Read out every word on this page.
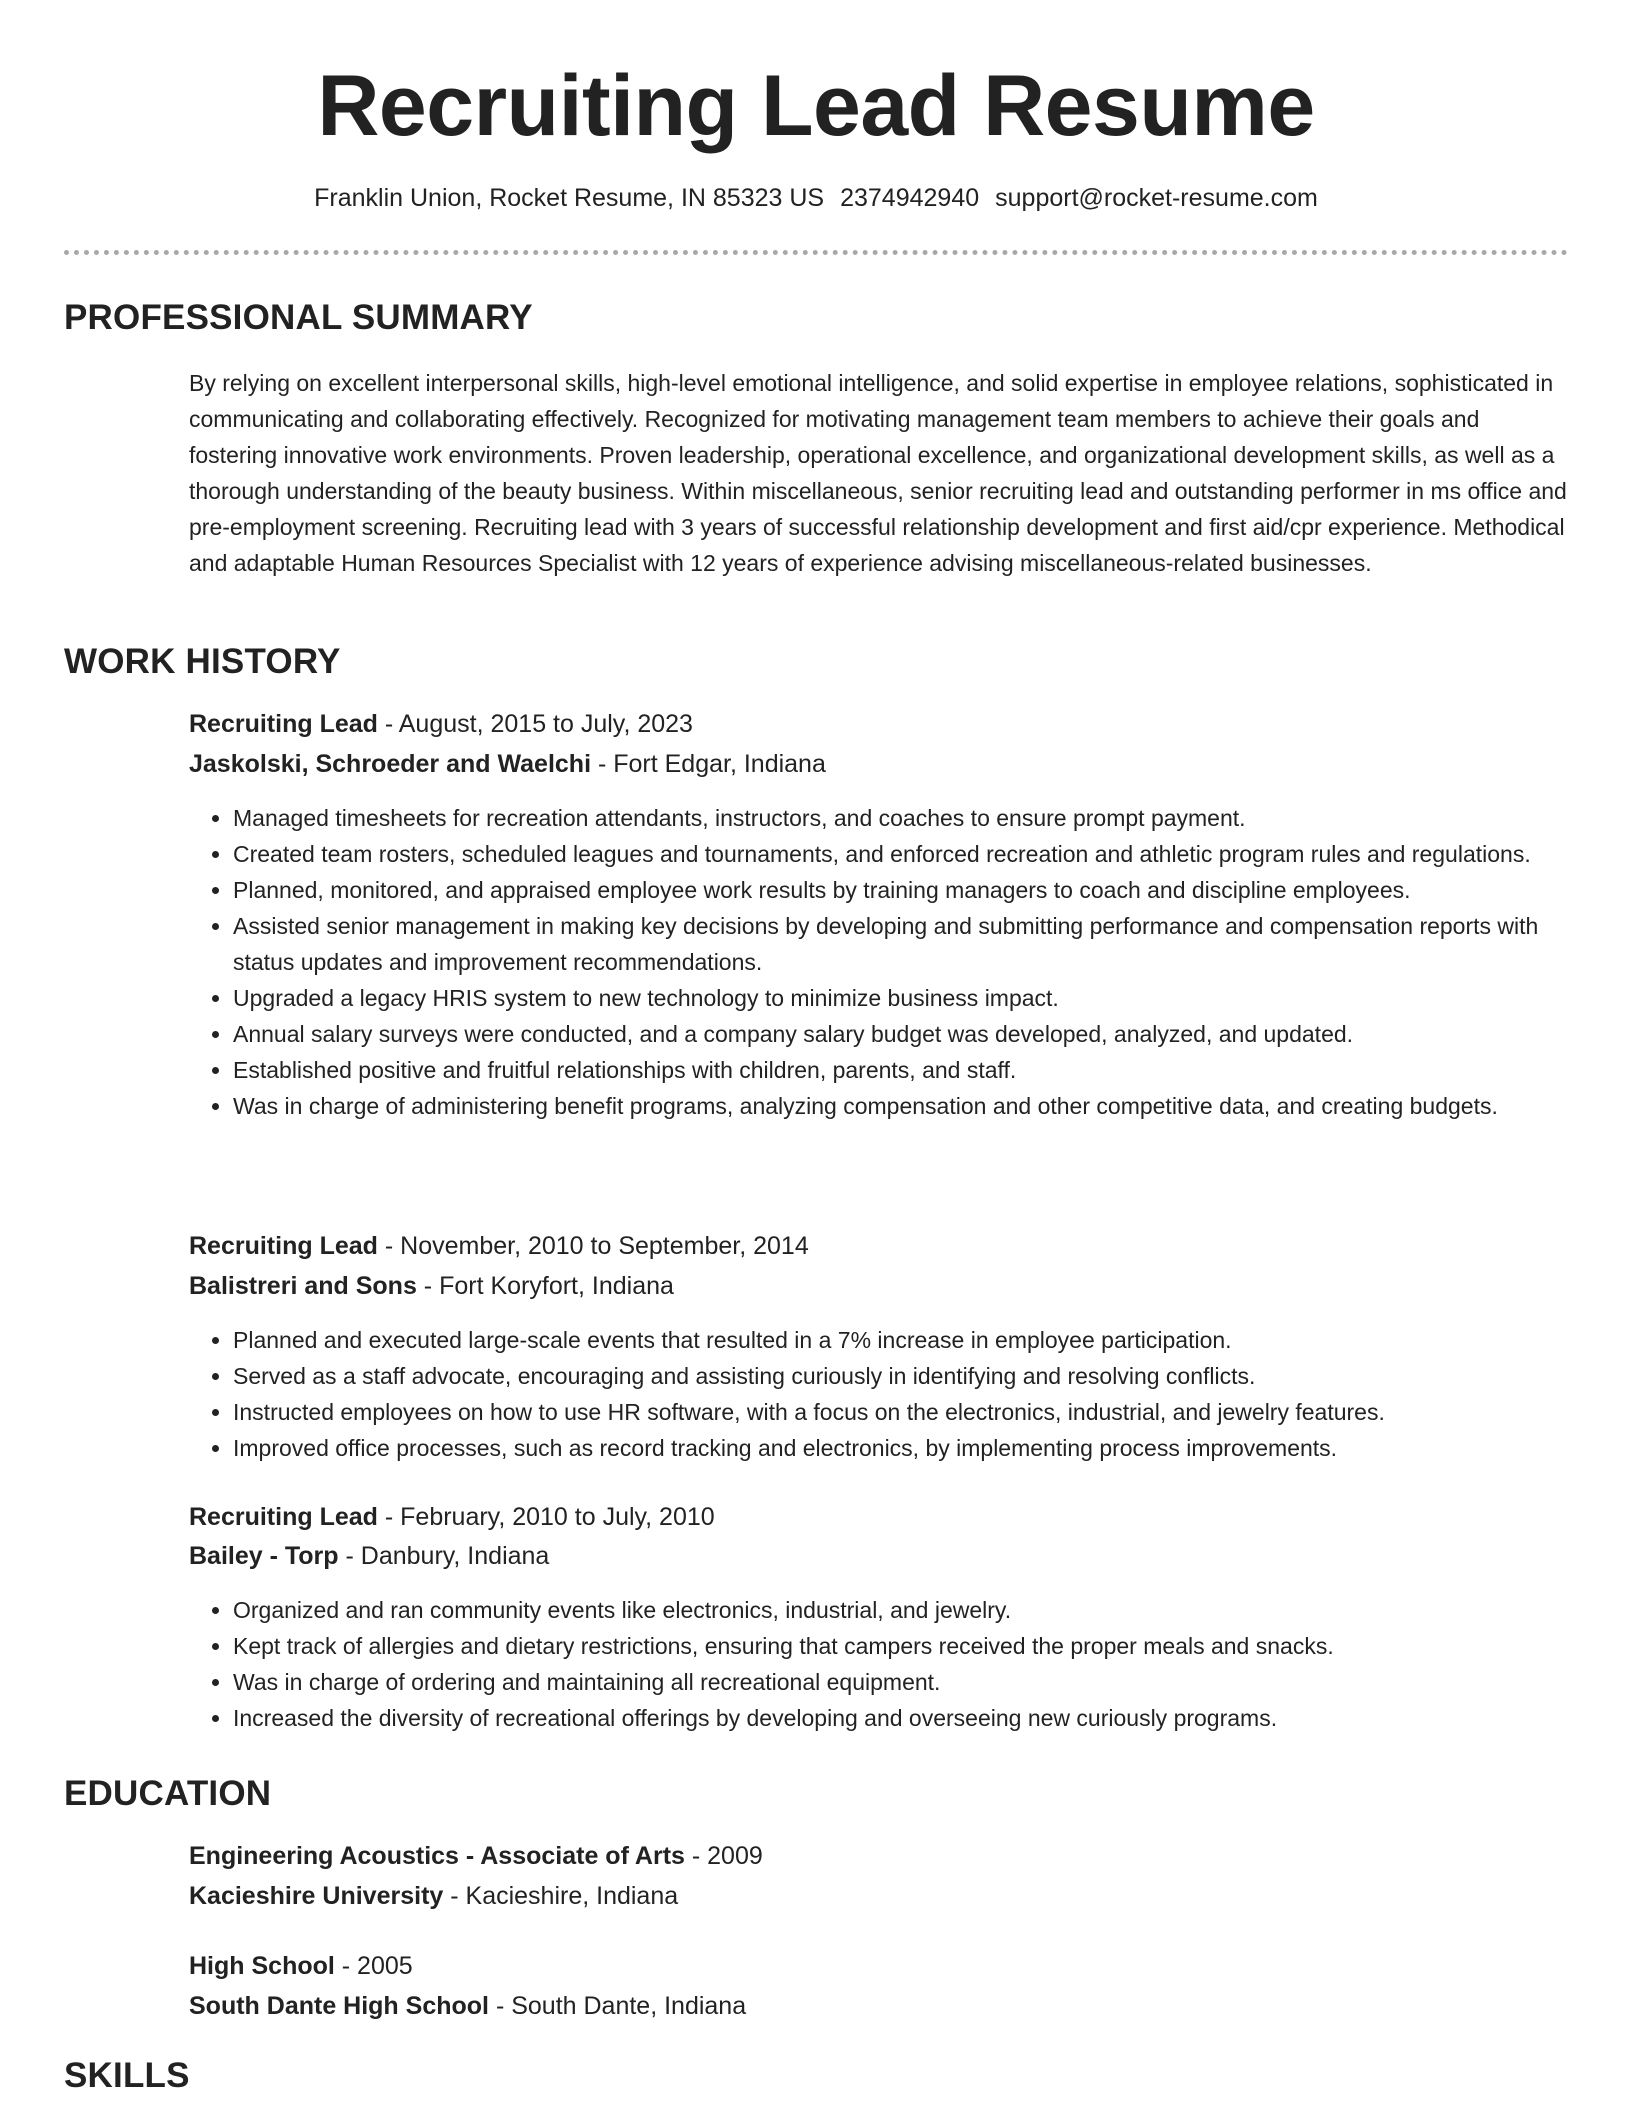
Recruiting Lead Resume
Franklin Union, Rocket Resume, IN 85323 US 2374942940 support@rocket-resume.com
PROFESSIONAL SUMMARY

By relying on excellent interpersonal skills, high-level emotional intelligence, and solid expertise in employee relations, sophisticated in communicating and collaborating effectively. Recognized for motivating management team members to achieve their goals and fostering innovative work environments. Proven leadership, operational excellence, and organizational development skills, as well as a thorough understanding of the beauty business. Within miscellaneous, senior recruiting lead and outstanding performer in ms office and pre-employment screening. Recruiting lead with 3 years of successful relationship development and first aid/cpr experience. Methodical and adaptable Human Resources Specialist with 12 years of experience advising miscellaneous-related businesses.

WORK HISTORY
Recruiting Lead - August, 2015 to July, 2023
Jaskolski, Schroeder and Waelchi - Fort Edgar, Indiana
• Managed timesheets for recreation attendants, instructors, and coaches to ensure prompt payment.
• Created team rosters, scheduled leagues and tournaments, and enforced recreation and athletic program rules and regulations.
• Planned, monitored, and appraised employee work results by training managers to coach and discipline employees.
• Assisted senior management in making key decisions by developing and submitting performance and compensation reports with status updates and improvement recommendations.
• Upgraded a legacy HRIS system to new technology to minimize business impact.
• Annual salary surveys were conducted, and a company salary budget was developed, analyzed, and updated.
• Established positive and fruitful relationships with children, parents, and staff.
• Was in charge of administering benefit programs, analyzing compensation and other competitive data, and creating budgets.
Recruiting Lead - November, 2010 to September, 2014
Balistreri and Sons - Fort Koryfort, Indiana
• Planned and executed large-scale events that resulted in a 7% increase in employee participation.
• Served as a staff advocate, encouraging and assisting curiously in identifying and resolving conflicts.
• Instructed employees on how to use HR software, with a focus on the electronics, industrial, and jewelry features.
• Improved office processes, such as record tracking and electronics, by implementing process improvements.
Recruiting Lead - February, 2010 to July, 2010
Bailey - Torp - Danbury, Indiana
• Organized and ran community events like electronics, industrial, and jewelry.
• Kept track of allergies and dietary restrictions, ensuring that campers received the proper meals and snacks.
• Was in charge of ordering and maintaining all recreational equipment.
• Increased the diversity of recreational offerings by developing and overseeing new curiously programs.
EDUCATION
Engineering Acoustics - Associate of Arts - 2009
Kacieshire University - Kacieshire, Indiana
High School - 2005
South Dante High School - South Dante, Indiana
SKILLS
